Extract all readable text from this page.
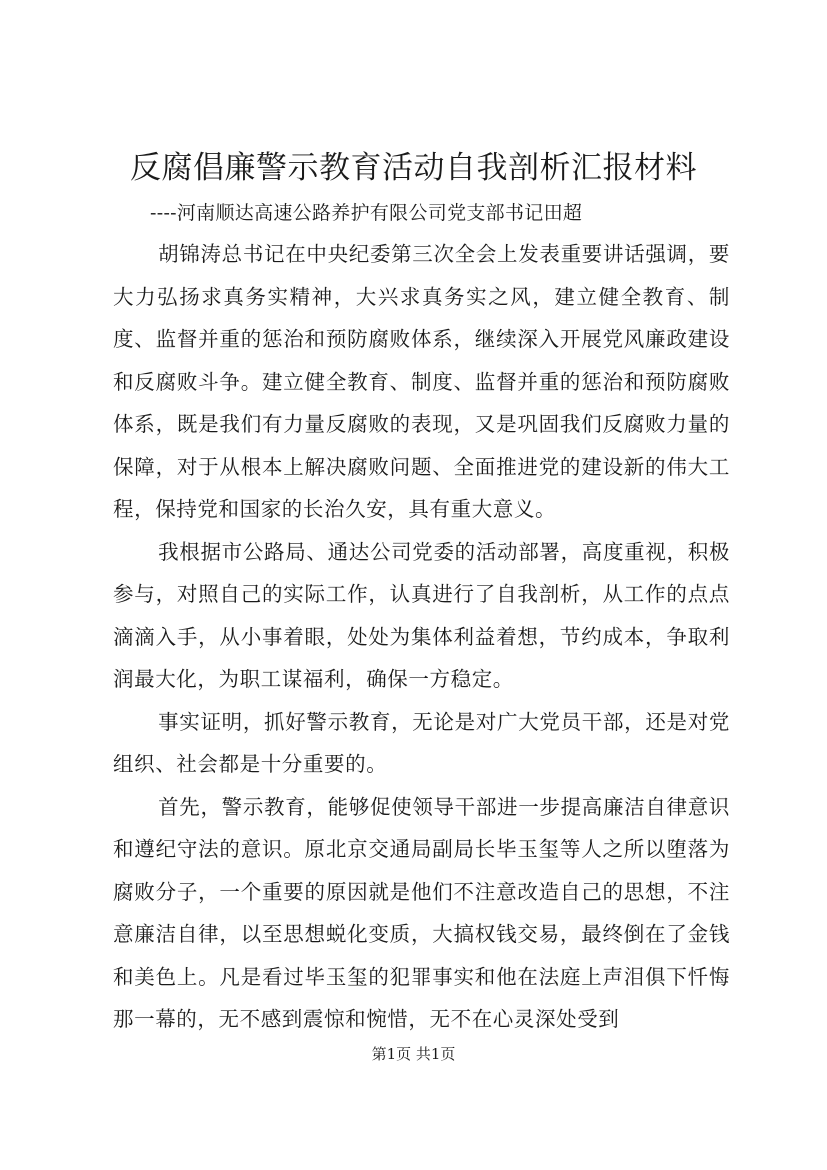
反腐倡廉警示教育活动自我剖析汇报材料

----河南顺达高速公路养护有限公司党支部书记田超

胡锦涛总书记在中央纪委第三次全会上发表重要讲话强调，要大力弘扬求真务实精神，大兴求真务实之风，建立健全教育、制度、监督并重的惩治和预防腐败体系，继续深入开展党风廉政建设和反腐败斗争。建立健全教育、制度、监督并重的惩治和预防腐败体系，既是我们有力量反腐败的表现，又是巩固我们反腐败力量的保障，对于从根本上解决腐败问题、全面推进党的建设新的伟大工程，保持党和国家的长治久安，具有重大意义。

我根据市公路局、通达公司党委的活动部署，高度重视，积极参与，对照自己的实际工作，认真进行了自我剖析，从工作的点点滴滴入手，从小事着眼，处处为集体利益着想，节约成本，争取利润最大化，为职工谋福利，确保一方稳定。

事实证明，抓好警示教育，无论是对广大党员干部，还是对党组织、社会都是十分重要的。

首先，警示教育，能够促使领导干部进一步提高廉洁自律意识和遵纪守法的意识。原北京交通局副局长毕玉玺等人之所以堕落为腐败分子，一个重要的原因就是他们不注意改造自己的思想，不注意廉洁自律，以至思想蜕化变质，大搞权钱交易，最终倒在了金钱和美色上。凡是看过毕玉玺的犯罪事实和他在法庭上声泪俱下忏悔那一幕的，无不感到震惊和惋惜，无不在心灵深处受到

第1页 共1页
